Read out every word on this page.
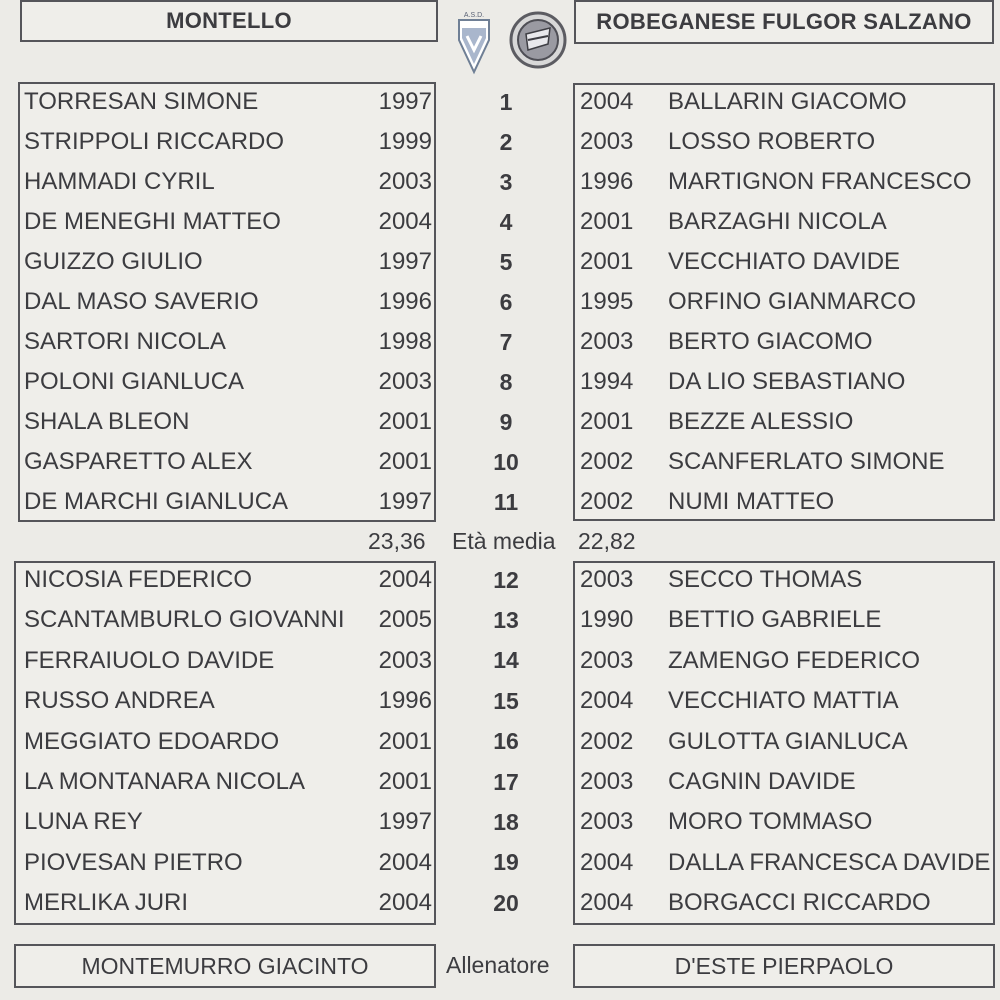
MONTELLO	ROBEGANESE FULGOR SALZANO
A.S.D.
TORRESAN SIMONE	1997	1	2004 BALLARIN GIACOMO
STRIPPOLI RICCARDO	1999	2	2003 LOSSO ROBERTO
HAMMADI CYRIL	2003	3	1996 MARTIGNON FRANCESCO
DE MENEGHI MATTEO	2004	4	2001 BARZAGHI NICOLA
GUIZZO GIULIO	1997	5	2001 VECCHIATO DAVIDE
DAL MASO SAVERIO	1996	6	1995 ORFINO GIANMARCO
SARTORI NICOLA	1998	7	2003 BERTO GIACOMO
POLONI GIANLUCA	2003	8	1994 DA LIO SEBASTIANO
SHALA BLEON	2001	9	2001 BEZZE ALESSIO
GASPARETTO ALEX	2001	10	2002 SCANFERLATO SIMONE
DE MARCHI GIANLUCA	1997	11	2002 NUMI MATTEO
NICOSIA FEDERICO	2004	12	2003 SECCO THOMAS
SCANTAMBURLO GIOVANNI	2005	13	1990 BETTIO GABRIELE
FERRAIUOLO DAVIDE	2003	14	2003 ZAMENGO FEDERICO
RUSSO ANDREA	1996	15	2004 VECCHIATO MATTIA
MEGGIATO EDOARDO	2001	16	2002 GULOTTA GIANLUCA
LA MONTANARA NICOLA	2001	17	2003 CAGNIN DAVIDE
LUNA REY	1997	18	2003 MORO TOMMASO
PIOVESAN PIETRO	2004	19	2004 DALLA FRANCESCA DAVIDE
MERLIKA JURI	2004	20	2004 BORGACCI RICCARDO
23,36 Età media 22,82
MONTEMURRO GIACINTO	Allenatore	D'ESTE PIERPAOLO
